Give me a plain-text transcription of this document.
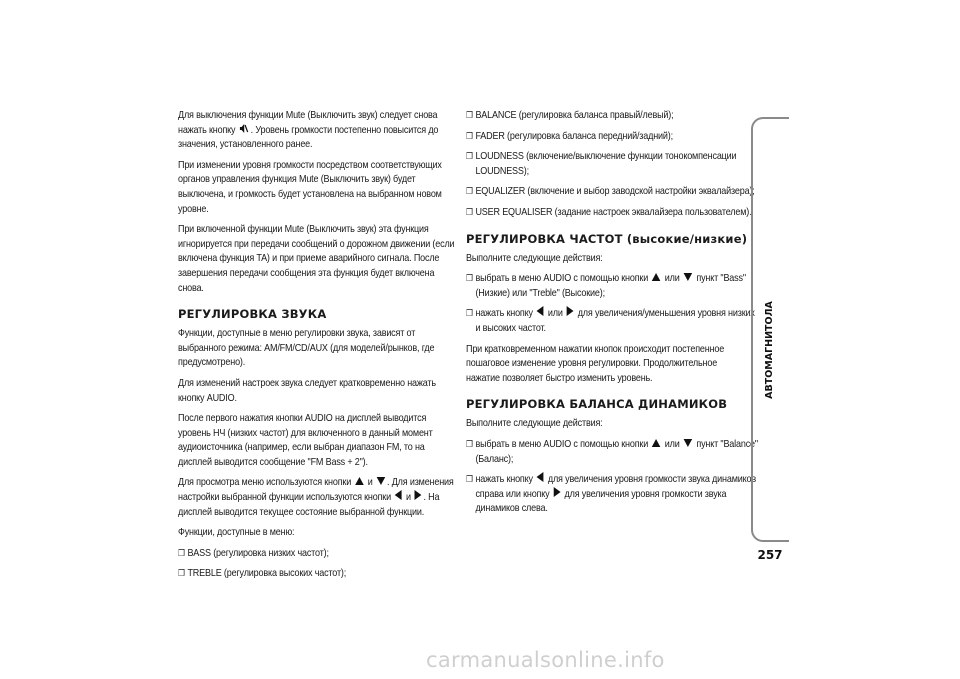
Для выключения функции Mute (Выключить звук) следует снова нажать кнопку . Уровень громкости постепенно повысится до значения, установленного ранее.
При изменении уровня громкости посредством соответствующих органов управления функция Mute (Выключить звук) будет выключена, и громкость будет установлена на выбранном новом уровне.
При включенной функции Mute (Выключить звук) эта функция игнорируется при передачи сообщений о дорожном движении (если включена функция TA) и при приеме аварийного сигнала. После завершения передачи сообщения эта функция будет включена снова.
РЕГУЛИРОВКА ЗВУКА
Функции, доступные в меню регулировки звука, зависят от выбранного режима: AM/FM/CD/AUX (для моделей/рынков, где предусмотрено).
Для изменений настроек звука следует кратковременно нажать кнопку AUDIO.
После первого нажатия кнопки AUDIO на дисплей выводится уровень НЧ (низких частот) для включенного в данный момент аудиоисточника (например, если выбран диапазон FM, то на дисплей выводится сообщение "FM Bass + 2").
Для просмотра меню используются кнопки  и . Для изменения настройки выбранной функции используются кнопки  и . На дисплей выводится текущее состояние выбранной функции.
Функции, доступные в меню:
❒ BASS (регулировка низких частот);
❒ TREBLE (регулировка высоких частот);
❒ BALANCE (регулировка баланса правый/левый);
❒ FADER (регулировка баланса передний/задний);
❒ LOUDNESS (включение/выключение функции тонокомпенсации LOUDNESS);
❒ EQUALIZER (включение и выбор заводской настройки эквалайзера);
❒ USER EQUALISER (задание настроек эквалайзера пользователем).
РЕГУЛИРОВКА ЧАСТОТ (высокие/низкие)
Выполните следующие действия:
❒ выбрать в меню AUDIO с помощью кнопки  или  пункт "Bass" (Низкие) или "Treble" (Высокие);
❒ нажать кнопку  или  для увеличения/уменьшения уровня низких и высоких частот.
При кратковременном нажатии кнопок происходит постепенное пошаговое изменение уровня регулировки. Продолжительное нажатие позволяет быстро изменить уровень.
РЕГУЛИРОВКА БАЛАНСА ДИНАМИКОВ
Выполните следующие действия:
❒ выбрать в меню AUDIO с помощью кнопки  или  пункт "Balance" (Баланс);
❒ нажать кнопку  для увеличения уровня громкости звука динамиков справа или кнопку  для увеличения уровня громкости звука динамиков слева.
АВТОМАГНИТОЛА
257
carmanualsonline.info
